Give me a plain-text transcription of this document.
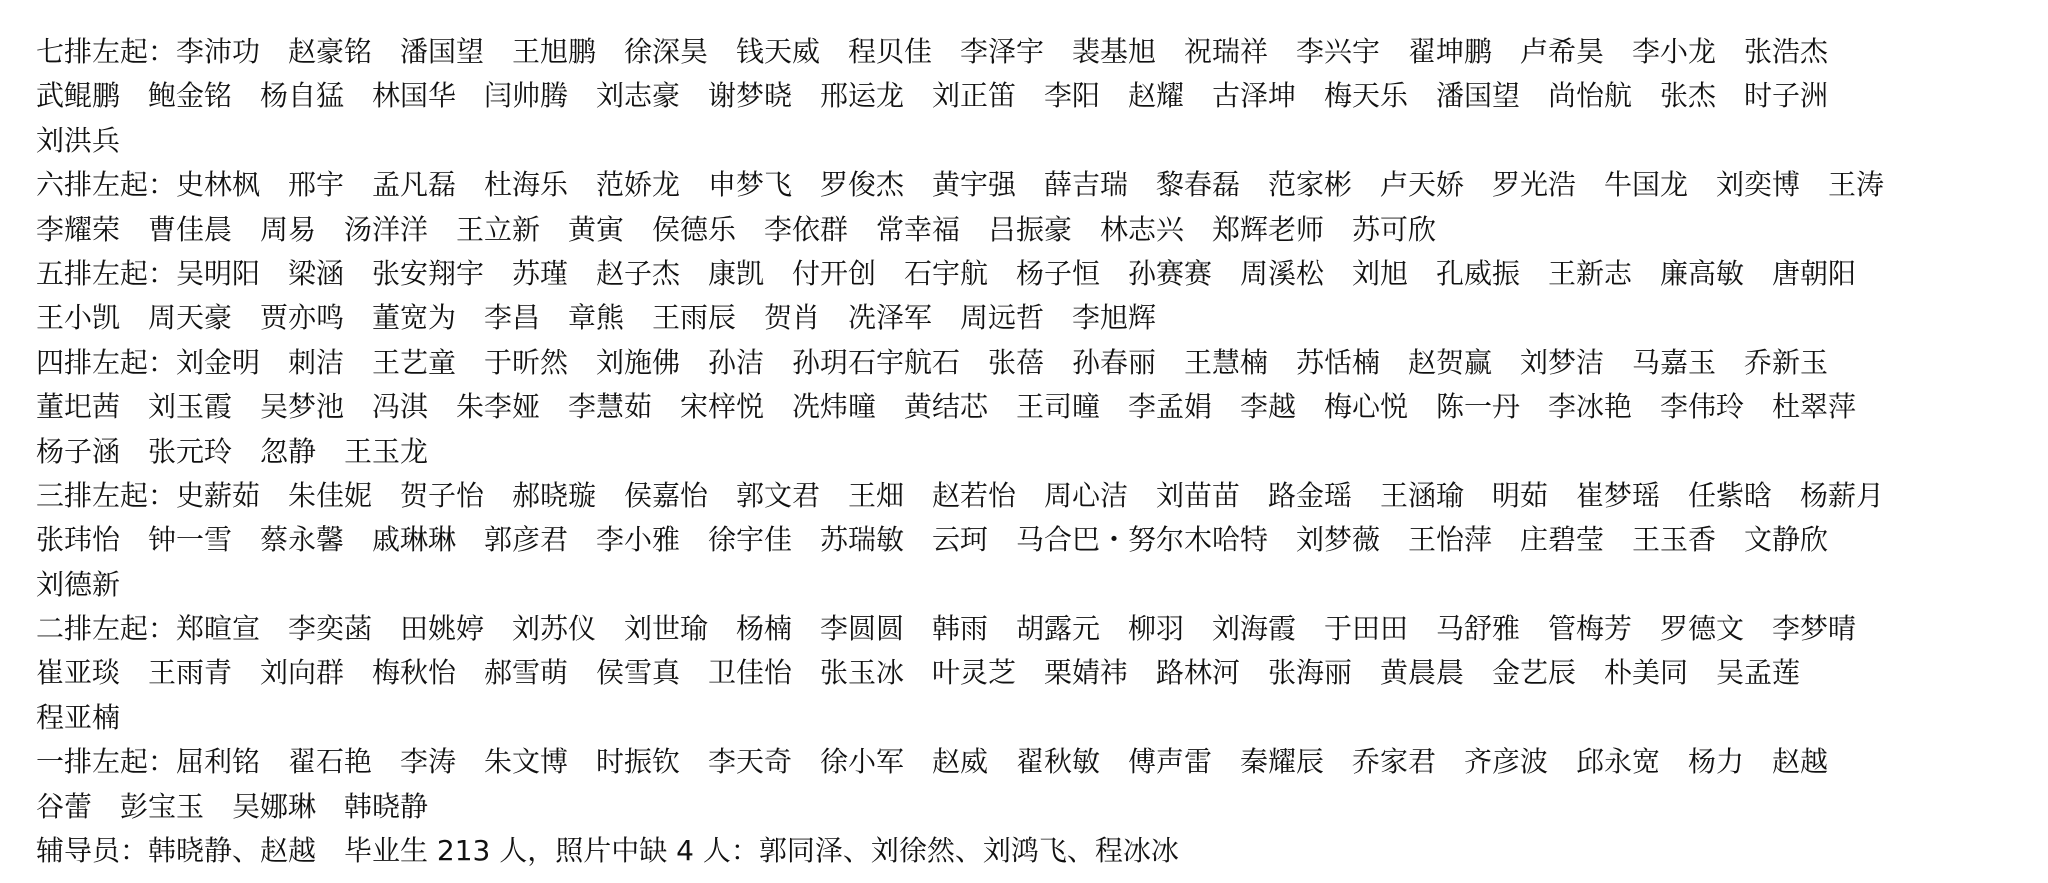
七排左起：李沛功　赵豪铭　潘国望　王旭鹏　徐深昊　钱天威　程贝佳　李泽宇　裴基旭　祝瑞祥　李兴宇　翟坤鹏　卢希昊　李小龙　张浩杰
武鲲鹏　鲍金铭　杨自猛　林国华　闫帅腾　刘志豪　谢梦晓　邢运龙　刘正笛　李阳　赵耀　古泽坤　梅天乐　潘国望　尚怡航　张杰　时子洲
刘洪兵
六排左起：史林枫　邢宇　孟凡磊　杜海乐　范娇龙　申梦飞　罗俊杰　黄宇强　薛吉瑞　黎春磊　范家彬　卢天娇　罗光浩　牛国龙　刘奕博　王涛
李耀荣　曹佳晨　周易　汤洋洋　王立新　黄寅　侯德乐　李依群　常幸福　吕振豪　林志兴　郑辉老师　苏可欣
五排左起：吴明阳　梁涵　张安翔宇　苏瑾　赵子杰　康凯　付开创　石宇航　杨子恒　孙赛赛　周溪松　刘旭　孔威振　王新志　廉高敏　唐朝阳
王小凯　周天豪　贾亦鸣　董宽为　李昌　章熊　王雨辰　贺肖　冼泽军　周远哲　李旭辉
四排左起：刘金明　刺洁　王艺童　于昕然　刘施佛　孙洁　孙玥石宇航石　张蓓　孙春丽　王慧楠　苏恬楠　赵贺赢　刘梦洁　马嘉玉　乔新玉
董圯茜　刘玉霞　吴梦池　冯淇　朱李娅　李慧茹　宋梓悦　冼炜曈　黄结芯　王司曈　李孟娟　李越　梅心悦　陈一丹　李冰艳　李伟玲　杜翠萍
杨子涵　张元玲　忽静　王玉龙
三排左起：史薪茹　朱佳妮　贺子怡　郝晓璇　侯嘉怡　郭文君　王畑　赵若怡　周心洁　刘苗苗　路金瑶　王涵瑜　明茹　崔梦瑶　任紫晗　杨薪月
张玮怡　钟一雪　蔡永馨　戚琳琳　郭彦君　李小雅　徐宇佳　苏瑞敏　云珂　马合巴・努尔木哈特　刘梦薇　王怡萍　庄碧莹　王玉香　文静欣
刘德新
二排左起：郑暄宣　李奕菡　田姚婷　刘苏仪　刘世瑜　杨楠　李圆圆　韩雨　胡露元　柳羽　刘海霞　于田田　马舒雅　管梅芳　罗德文　李梦晴
崔亚琰　王雨青　刘向群　梅秋怡　郝雪萌　侯雪真　卫佳怡　张玉冰　叶灵芝　栗婧祎　路林河　张海丽　黄晨晨　金艺辰　朴美同　吴孟莲
程亚楠
一排左起：屈利铭　翟石艳　李涛　朱文博　时振钦　李天奇　徐小军　赵威　翟秋敏　傅声雷　秦耀辰　乔家君　齐彦波　邱永宽　杨力　赵越
谷蕾　彭宝玉　吴娜琳　韩晓静
辅导员：韩晓静、赵越　毕业生 213 人，照片中缺 4 人：郭同泽、刘徐然、刘鸿飞、程冰冰
